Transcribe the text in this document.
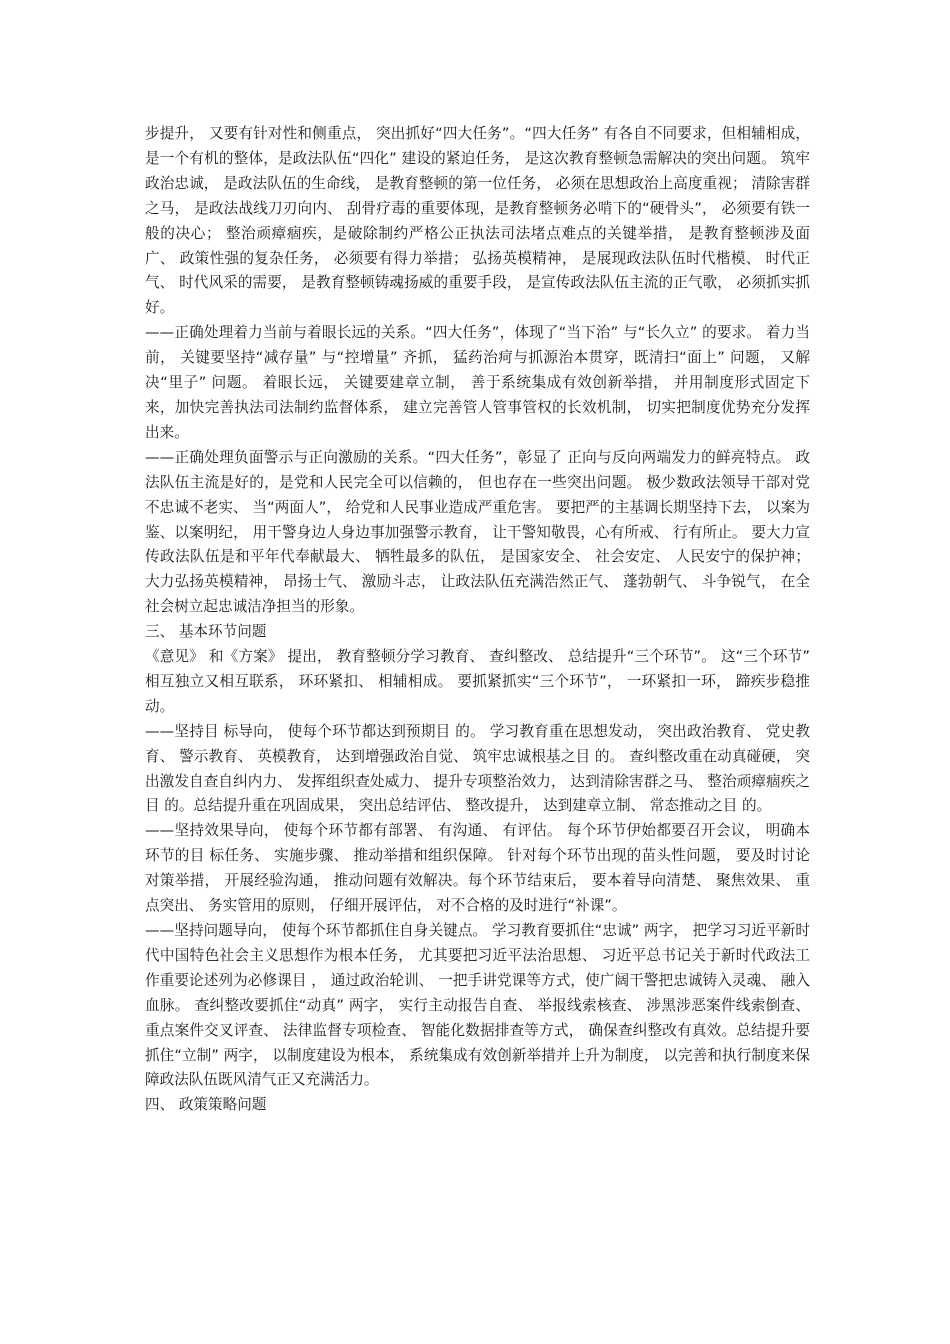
步提升， 又要有针对性和侧重点， 突出抓好“四大任务”。“四大任务” 有各自不同要求，但相辅相成， 是一个有机的整体，是政法队伍“四化” 建设的紧迫任务， 是这次教育整顿急需解决的突出问题。 筑牢政治忠诚， 是政法队伍的生命线， 是教育整顿的第一位任务， 必须在思想政治上高度重视； 清除害群之马， 是政法战线刀刃向内、 刮骨疗毒的重要体现，是教育整顿务必啃下的“硬骨头”， 必须要有铁一般的决心； 整治顽瘴痼疾，是破除制约严格公正执法司法堵点难点的关键举措， 是教育整顿涉及面广、 政策性强的复杂任务， 必须要有得力举措； 弘扬英模精神， 是展现政法队伍时代楷模、 时代正气、 时代风采的需要， 是教育整顿铸魂扬威的重要手段， 是宣传政法队伍主流的正气歌， 必须抓实抓好。

——正确处理着力当前与着眼长远的关系。“四大任务”，体现了“当下治” 与“长久立” 的要求。 着力当前， 关键要坚持“减存量” 与“控增量” 齐抓， 猛药治疴与抓源治本贯穿，既清扫“面上” 问题， 又解决“里子” 问题。 着眼长远， 关键要建章立制， 善于系统集成有效创新举措， 并用制度形式固定下来，加快完善执法司法制约监督体系， 建立完善管人管事管权的长效机制， 切实把制度优势充分发挥出来。

——正确处理负面警示与正向激励的关系。“四大任务”，彰显了 正向与反向两端发力的鲜亮特点。 政法队伍主流是好的，是党和人民完全可以信赖的， 但也存在一些突出问题。 极少数政法领导干部对党不忠诚不老实、 当“两面人”， 给党和人民事业造成严重危害。 要把严的主基调长期坚持下去， 以案为鉴、以案明纪， 用干警身边人身边事加强警示教育， 让干警知敬畏，心有所戒、 行有所止。 要大力宣传政法队伍是和平年代奉献最大、 牺牲最多的队伍， 是国家安全、 社会安定、 人民安宁的保护神； 大力弘扬英模精神， 昂扬士气、 激励斗志， 让政法队伍充满浩然正气、 蓬勃朝气、 斗争锐气， 在全社会树立起忠诚洁净担当的形象。

三、 基本环节问题

《意见》 和《方案》 提出， 教育整顿分学习教育、 查纠整改、 总结提升“三个环节”。 这“三个环节” 相互独立又相互联系， 环环紧扣、 相辅相成。 要抓紧抓实“三个环节”， 一环紧扣一环， 蹄疾步稳推动。

——坚持目 标导向， 使每个环节都达到预期目 的。 学习教育重在思想发动， 突出政治教育、 党史教育、 警示教育、 英模教育， 达到增强政治自觉、 筑牢忠诚根基之目 的。 查纠整改重在动真碰硬， 突出激发自查自纠内力、 发挥组织查处威力、 提升专项整治效力， 达到清除害群之马、 整治顽瘴痼疾之目 的。总结提升重在巩固成果， 突出总结评估、 整改提升， 达到建章立制、 常态推动之目 的。

——坚持效果导向， 使每个环节都有部署、 有沟通、 有评估。 每个环节伊始都要召开会议， 明确本环节的目 标任务、 实施步骤、 推动举措和组织保障。 针对每个环节出现的苗头性问题， 要及时讨论对策举措， 开展经验沟通， 推动问题有效解决。每个环节结束后， 要本着导向清楚、 聚焦效果、 重点突出、 务实管用的原则， 仔细开展评估， 对不合格的及时进行“补课”。

——坚持问题导向， 使每个环节都抓住自身关键点。 学习教育要抓住“忠诚” 两字， 把学习习近平新时代中国特色社会主义思想作为根本任务， 尤其要把习近平法治思想、 习近平总书记关于新时代政法工作重要论述列为必修课目 ， 通过政治轮训、 一把手讲党课等方式，使广阔干警把忠诚铸入灵魂、 融入血脉。 查纠整改要抓住“动真” 两字， 实行主动报告自查、 举报线索核查、 涉黑涉恶案件线索倒查、 重点案件交叉评查、 法律监督专项检查、 智能化数据排查等方式， 确保查纠整改有真效。总结提升要抓住“立制” 两字， 以制度建设为根本， 系统集成有效创新举措并上升为制度， 以完善和执行制度来保障政法队伍既风清气正又充满活力。

四、 政策策略问题
